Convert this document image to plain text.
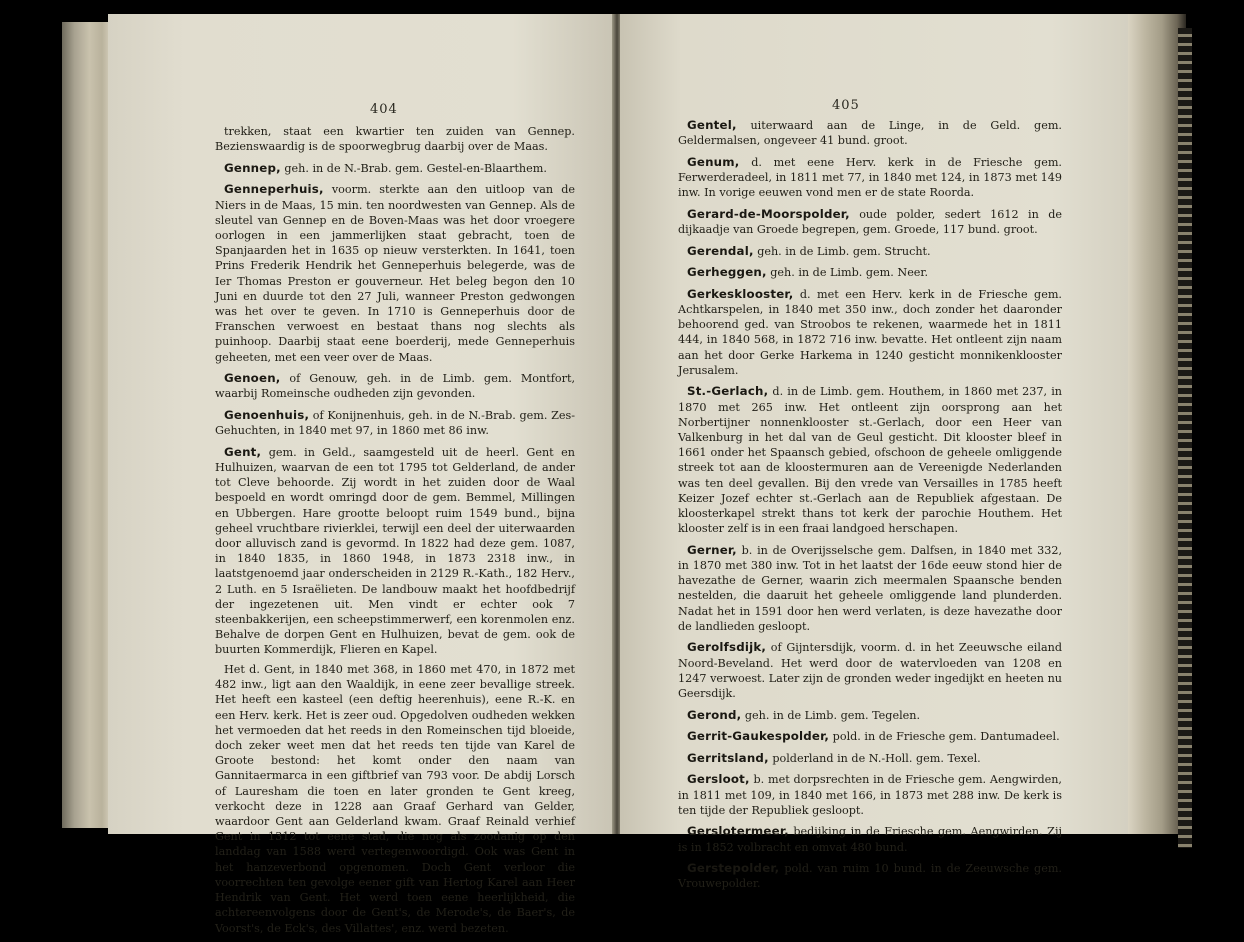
404

trekken, staat een kwartier ten zuiden van Gennep. Bezienswaardig is de spoorwegbrug daarbij over de Maas.

Gennep, geh. in de N.-Brab. gem. Gestel-en-Blaarthem.

Genneperhuis, voorm. sterkte aan den uitloop van de Niers in de Maas, 15 min. ten noordwesten van Gennep. Als de sleutel van Gennep en de Boven-Maas was het door vroegere oorlogen in een jammerlijken staat gebracht, toen de Spanjaarden het in 1635 op nieuw versterkten. In 1641, toen Prins Frederik Hendrik het Genneperhuis belegerde, was de Ier Thomas Preston er gouverneur. Het beleg begon den 10 Juni en duurde tot den 27 Juli, wanneer Preston gedwongen was het over te geven. In 1710 is Genneperhuis door de Franschen verwoest en bestaat thans nog slechts als puinhoop. Daarbij staat eene boerderij, mede Genneperhuis geheeten, met een veer over de Maas.

Genoen, of Genouw, geh. in de Limb. gem. Montfort, waarbij Romeinsche oudheden zijn gevonden.

Genoenhuis, of Konijnenhuis, geh. in de N.-Brab. gem. Zes-Gehuchten, in 1840 met 97, in 1860 met 86 inw.

Gent, gem. in Geld., saamgesteld uit de heerl. Gent en Hulhuizen, waarvan de een tot 1795 tot Gelderland, de ander tot Cleve behoorde. Zij wordt in het zuiden door de Waal bespoeld en wordt omringd door de gem. Bemmel, Millingen en Ubbergen. Hare grootte beloopt ruim 1549 bund., bijna geheel vruchtbare rivierklei, terwijl een deel der uiterwaarden door alluvisch zand is gevormd. In 1822 had deze gem. 1087, in 1840 1835, in 1860 1948, in 1873 2318 inw., in laatstgenoemd jaar onderscheiden in 2129 R.-Kath., 182 Herv., 2 Luth. en 5 Israëlieten. De landbouw maakt het hoofdbedrijf der ingezetenen uit. Men vindt er echter ook 7 steenbakkerijen, een scheepstimmerwerf, een korenmolen enz. Behalve de dorpen Gent en Hulhuizen, bevat de gem. ook de buurten Kommerdijk, Flieren en Kapel.

Het d. Gent, in 1840 met 368, in 1860 met 470, in 1872 met 482 inw., ligt aan den Waaldijk, in eene zeer bevallige streek. Het heeft een kasteel (een deftig heerenhuis), eene R.-K. en een Herv. kerk. Het is zeer oud. Opgedolven oudheden wekken het vermoeden dat het reeds in den Romeinschen tijd bloeide, doch zeker weet men dat het reeds ten tijde van Karel de Groote bestond: het komt onder den naam van Gannitaermarca in een giftbrief van 793 voor. De abdij Lorsch of Lauresham die toen en later gronden te Gent kreeg, verkocht deze in 1228 aan Graaf Gerhard van Gelder, waardoor Gent aan Gelderland kwam. Graaf Reinald verhief Gent in 1312 tot eene stad, die nog als zoodanig op den landdag van 1588 werd vertegenwoordigd. Ook was Gent in het hanzeverbond opgenomen. Doch Gent verloor die voorrechten ten gevolge eener gift van Hertog Karel aan Heer Hendrik van Gent. Het werd toen eene heerlijkheid, die achtereenvolgens door de Gent's, de Merode's, de Baer's, de Voorst's, de Eck's, des Villattes', enz. werd bezeten.

405

Gentel, uiterwaard aan de Linge, in de Geld. gem. Geldermalsen, ongeveer 41 bund. groot.

Genum, d. met eene Herv. kerk in de Friesche gem. Ferwerderadeel, in 1811 met 77, in 1840 met 124, in 1873 met 149 inw. In vorige eeuwen vond men er de state Roorda.

Gerard-de-Moorspolder, oude polder, sedert 1612 in de dijkaadje van Groede begrepen, gem. Groede, 117 bund. groot.

Gerendal, geh. in de Limb. gem. Strucht.

Gerheggen, geh. in de Limb. gem. Neer.

Gerkesklooster, d. met een Herv. kerk in de Friesche gem. Achtkarspelen, in 1840 met 350 inw., doch zonder het daaronder behoorend ged. van Stroobos te rekenen, waarmede het in 1811 444, in 1840 568, in 1872 716 inw. bevatte. Het ontleent zijn naam aan het door Gerke Harkema in 1240 gesticht monnikenklooster Jerusalem.

St.-Gerlach, d. in de Limb. gem. Houthem, in 1860 met 237, in 1870 met 265 inw. Het ontleent zijn oorsprong aan het Norbertijner nonnenklooster st.-Gerlach, door een Heer van Valkenburg in het dal van de Geul gesticht. Dit klooster bleef in 1661 onder het Spaansch gebied, ofschoon de geheele omliggende streek tot aan de kloostermuren aan de Vereenigde Nederlanden was ten deel gevallen. Bij den vrede van Versailles in 1785 heeft Keizer Jozef echter st.-Gerlach aan de Republiek afgestaan. De kloosterkapel strekt thans tot kerk der parochie Houthem. Het klooster zelf is in een fraai landgoed herschapen.

Gerner, b. in de Overijsselsche gem. Dalfsen, in 1840 met 332, in 1870 met 380 inw. Tot in het laatst der 16de eeuw stond hier de havezathe de Gerner, waarin zich meermalen Spaansche benden nestelden, die daaruit het geheele omliggende land plunderden. Nadat het in 1591 door hen werd verlaten, is deze havezathe door de landlieden gesloopt.

Gerolfsdijk, of Gijntersdijk, voorm. d. in het Zeeuwsche eiland Noord-Beveland. Het werd door de watervloeden van 1208 en 1247 verwoest. Later zijn de gronden weder ingedijkt en heeten nu Geersdijk.

Gerond, geh. in de Limb. gem. Tegelen.

Gerrit-Gaukespolder, pold. in de Friesche gem. Dantumadeel.

Gerritsland, polderland in de N.-Holl. gem. Texel.

Gersloot, b. met dorpsrechten in de Friesche gem. Aengwirden, in 1811 met 109, in 1840 met 166, in 1873 met 288 inw. De kerk is ten tijde der Republiek gesloopt.

Gerslotermeer, bedijking in de Friesche gem. Aengwirden. Zij is in 1852 volbracht en omvat 480 bund.

Gerstepolder, pold. van ruim 10 bund. in de Zeeuwsche gem. Vrouwepolder.
